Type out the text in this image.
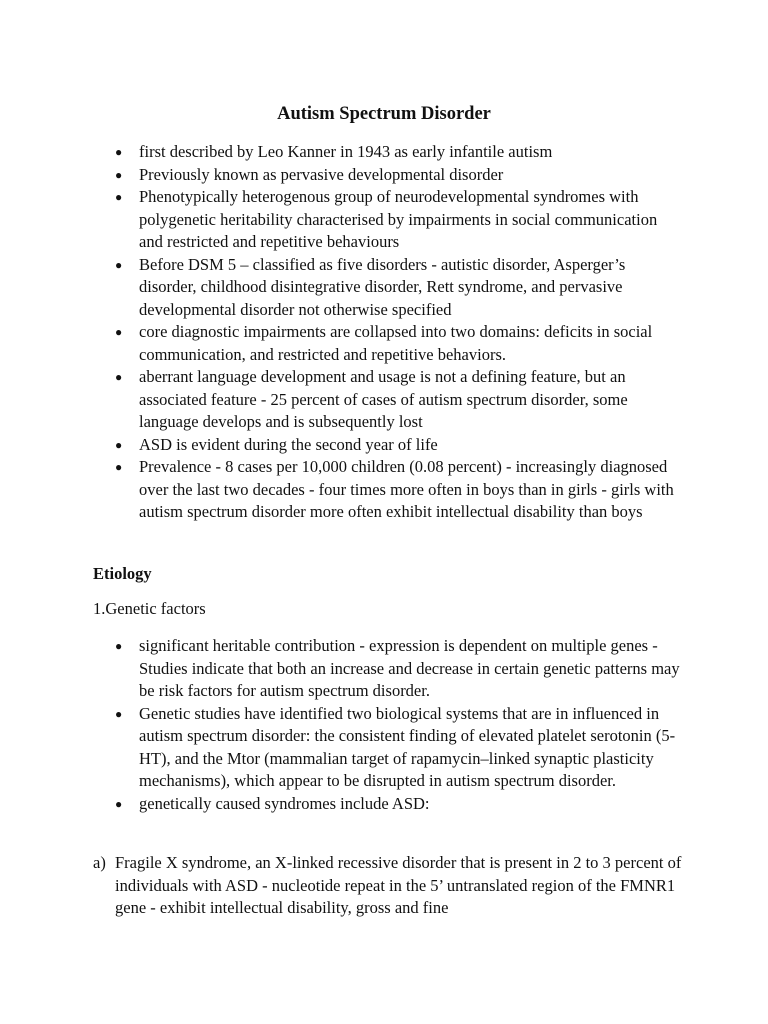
Autism Spectrum Disorder
● first described by Leo Kanner in 1943 as early infantile autism
● Previously known as pervasive developmental disorder
● Phenotypically heterogenous group of neurodevelopmental syndromes with polygenetic heritability characterised by impairments in social communication and restricted and repetitive behaviours
● Before DSM 5 – classified as five disorders - autistic disorder, Asperger’s disorder, childhood disintegrative disorder, Rett syndrome, and pervasive developmental disorder not otherwise specified
● core diagnostic impairments are collapsed into two domains: deficits in social communication, and restricted and repetitive behaviors.
● aberrant language development and usage is not a defining feature, but an associated feature - 25 percent of cases of autism spectrum disorder, some language develops and is subsequently lost
● ASD is evident during the second year of life
● Prevalence - 8 cases per 10,000 children (0.08 percent) - increasingly diagnosed over the last two decades - four times more often in boys than in girls - girls with autism spectrum disorder more often exhibit intellectual disability than boys
Etiology

1.Genetic factors

● significant heritable contribution - expression is dependent on multiple genes - Studies indicate that both an increase and decrease in certain genetic patterns may be risk factors for autism spectrum disorder.
● Genetic studies have identified two biological systems that are in influenced in autism spectrum disorder: the consistent finding of elevated platelet serotonin (5-HT), and the Mtor (mammalian target of rapamycin–linked synaptic plasticity mechanisms), which appear to be disrupted in autism spectrum disorder.
● genetically caused syndromes include ASD:
a) Fragile X syndrome, an X-linked recessive disorder that is present in 2 to 3 percent of individuals with ASD - nucleotide repeat in the 5’ untranslated region of the FMNR1 gene - exhibit intellectual disability, gross and fine
